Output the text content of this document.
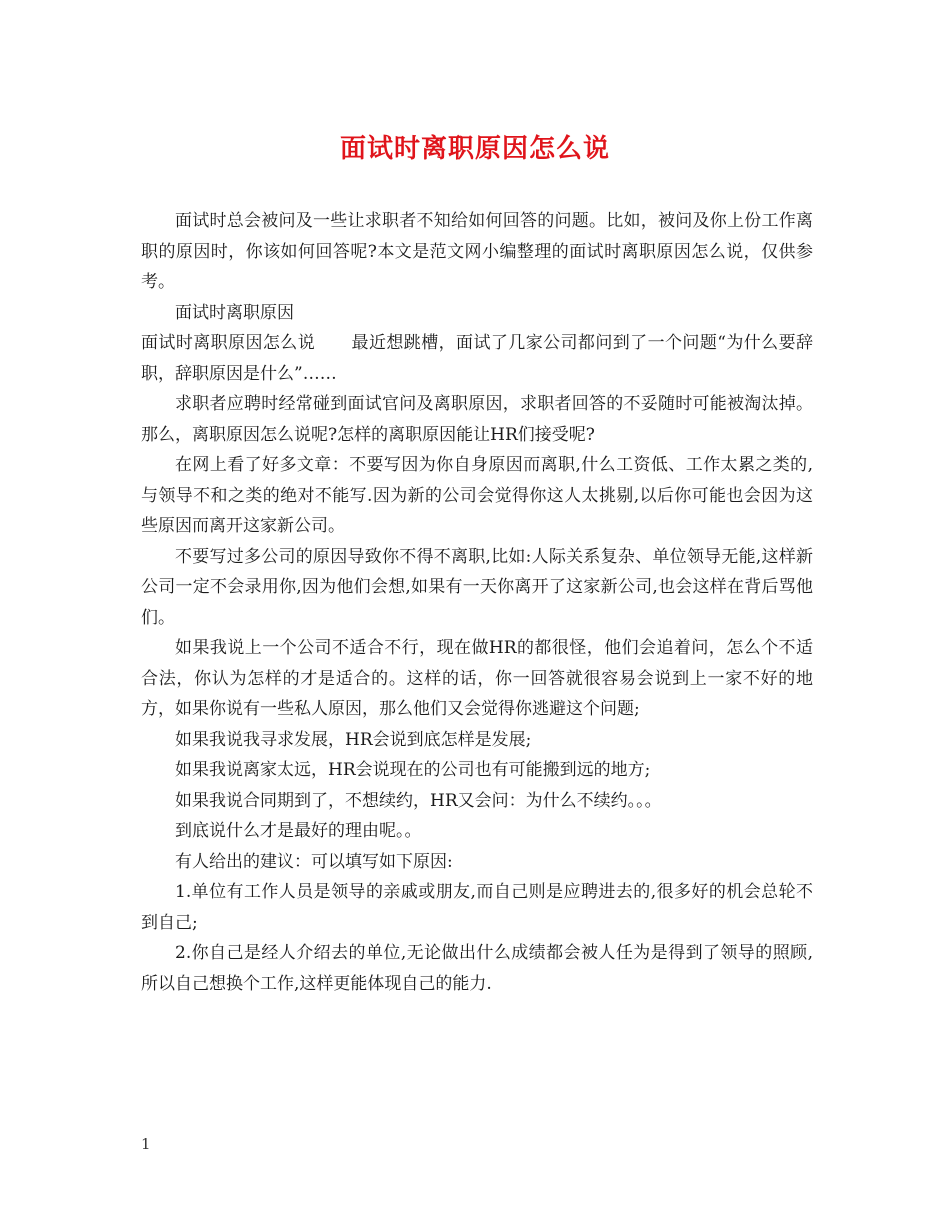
面试时离职原因怎么说

面试时总会被问及一些让求职者不知给如何回答的问题。比如，被问及你上份工作离职的原因时，你该如何回答呢?本文是范文网小编整理的面试时离职原因怎么说，仅供参考。

面试时离职原因

面试时离职原因怎么说 最近想跳槽，面试了几家公司都问到了一个问题“为什么要辞职，辞职原因是什么”……

求职者应聘时经常碰到面试官问及离职原因，求职者回答的不妥随时可能被淘汰掉。那么，离职原因怎么说呢?怎样的离职原因能让HR们接受呢?

在网上看了好多文章：不要写因为你自身原因而离职,什么工资低、工作太累之类的,与领导不和之类的绝对不能写.因为新的公司会觉得你这人太挑剔,以后你可能也会因为这些原因而离开这家新公司。

不要写过多公司的原因导致你不得不离职,比如:人际关系复杂、单位领导无能,这样新公司一定不会录用你,因为他们会想,如果有一天你离开了这家新公司,也会这样在背后骂他们。

如果我说上一个公司不适合不行，现在做HR的都很怪，他们会追着问，怎么个不适合法，你认为怎样的才是适合的。这样的话，你一回答就很容易会说到上一家不好的地方，如果你说有一些私人原因，那么他们又会觉得你逃避这个问题;

如果我说我寻求发展，HR会说到底怎样是发展;

如果我说离家太远，HR会说现在的公司也有可能搬到远的地方;

如果我说合同期到了，不想续约，HR又会问：为什么不续约。。。

到底说什么才是最好的理由呢。。

有人给出的建议：可以填写如下原因:

1.单位有工作人员是领导的亲戚或朋友,而自己则是应聘进去的,很多好的机会总轮不到自己;

2.你自己是经人介绍去的单位,无论做出什么成绩都会被人任为是得到了领导的照顾,所以自己想换个工作,这样更能体现自己的能力.

1
